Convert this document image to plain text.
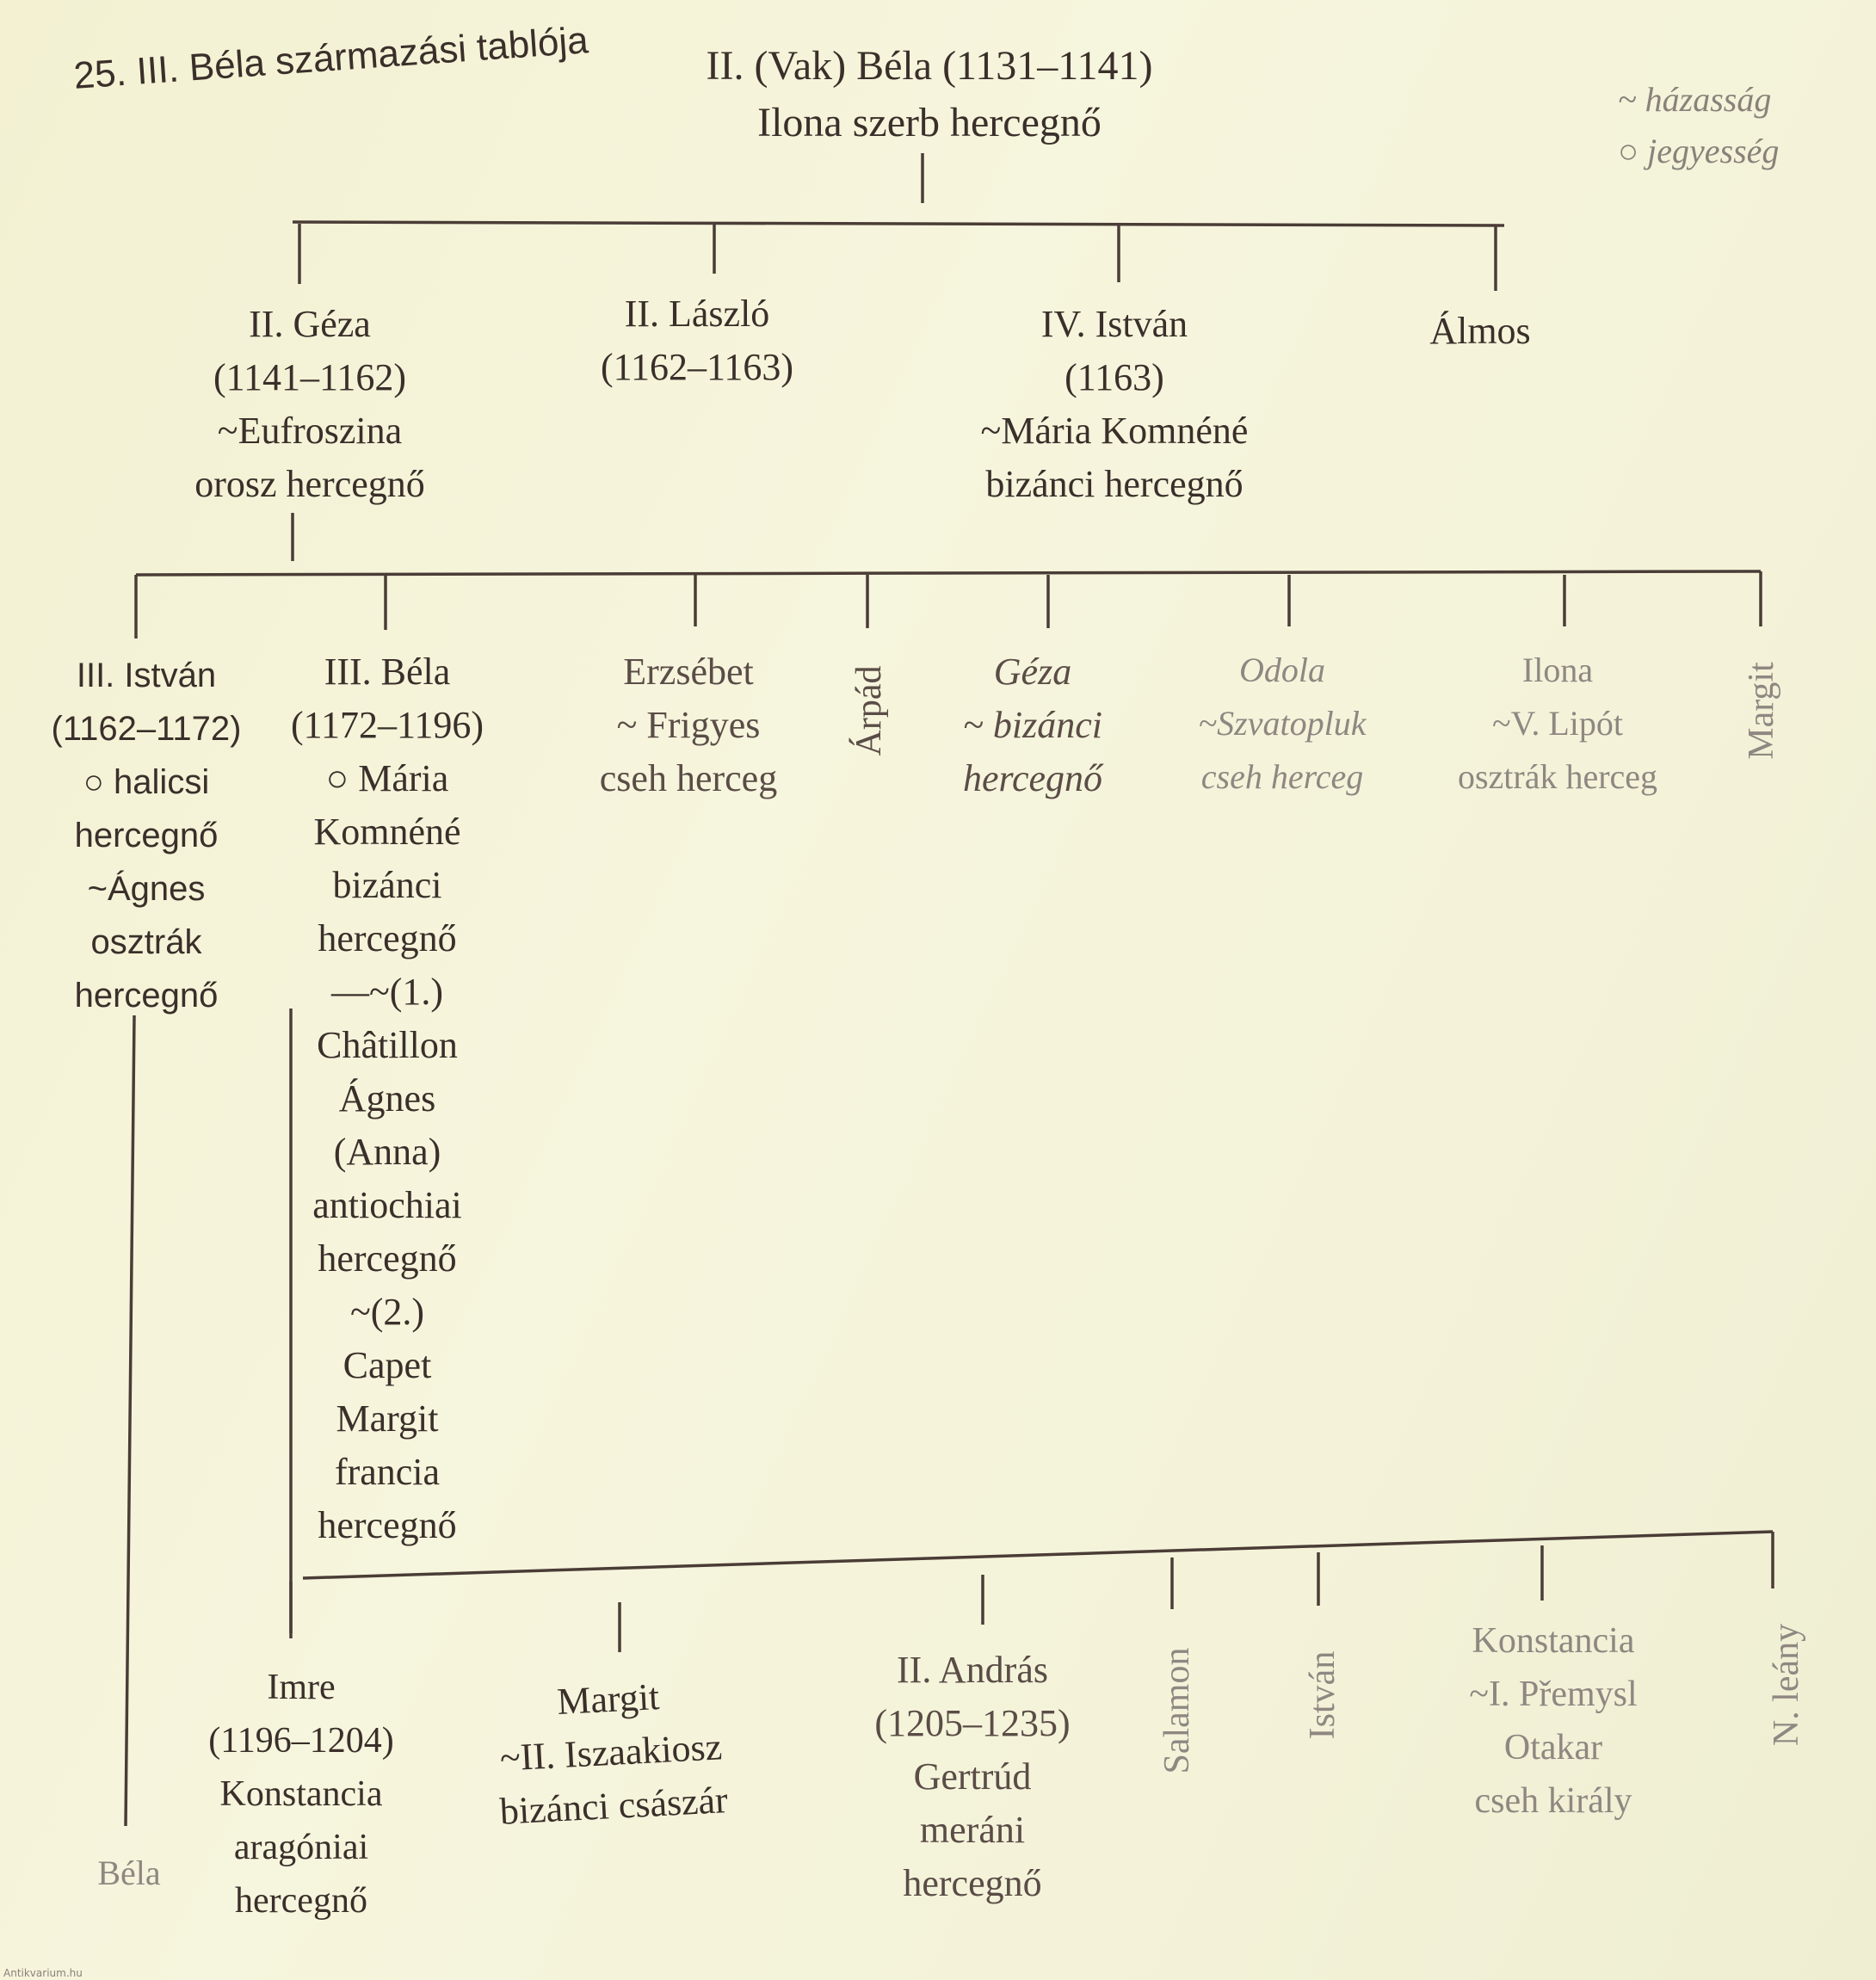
25. III. Béla származási tablója
~ házasság
○ jegyesség
II. (Vak) Béla (1131–1141)
Ilona szerb hercegnő
II. Géza
(1141–1162)
~Eufroszina
orosz hercegnő
II. László
(1162–1163)
IV. István
(1163)
~Mária Komnéné
bizánci hercegnő
Álmos
III. István
(1162–1172)
○ halicsi
hercegnő
~Ágnes
osztrák
hercegnő
III. Béla
(1172–1196)
○ Mária
Komnéné
bizánci
hercegnő
—~(1.)
Châtillon
Ágnes
(Anna)
antiochiai
hercegnő
~(2.)
Capet
Margit
francia
hercegnő
Erzsébet
~ Frigyes
cseh herceg
Árpád	Géza
~ bizánci
hercegnő
Odola
~Szvatopluk
cseh herceg
Ilona
~V. Lipót
osztrák herceg
Margit
Béla
Imre
(1196–1204)
Konstancia
aragóniai
hercegnő
Margit
~II. Iszaakiosz
bizánci császár
II. András
(1205–1235)
Gertrúd
meráni
hercegnő
Salamon	István
Konstancia
~I. Přemysl
Otakar
cseh király
N. leány
Antikvarium.hu
